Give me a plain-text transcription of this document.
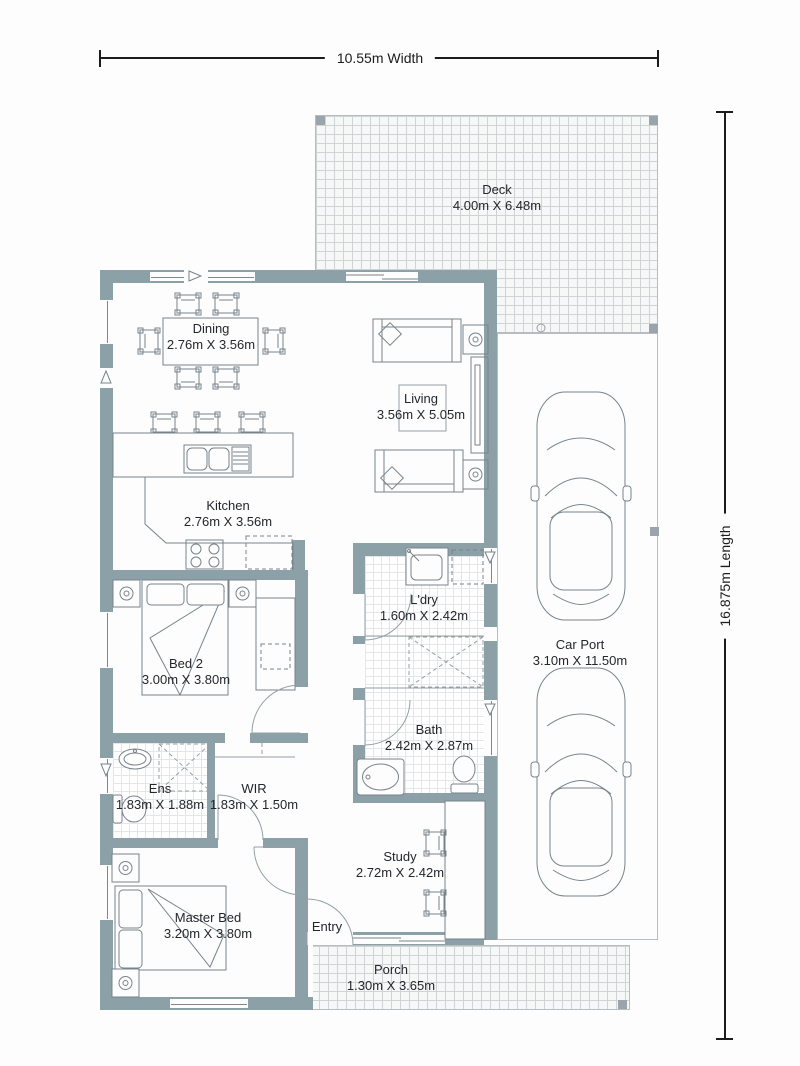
10.55m Width
16.875m Length
Deck
4.00m X 6.48m
Dining
2.76m X 3.56m
Living
3.56m X 5.05m
Kitchen
2.76m X 3.56m
Bed 2
3.00m X 3.80m
L'dry
1.60m X 2.42m
Bath
2.42m X 2.87m
Ens
1.83m X 1.88m
WIR
1.83m X 1.50m
Master Bed
3.20m X 3.80m
Study
2.72m X 2.42m
Entry
Porch
1.30m X 3.65m
Car Port
3.10m X 11.50m
